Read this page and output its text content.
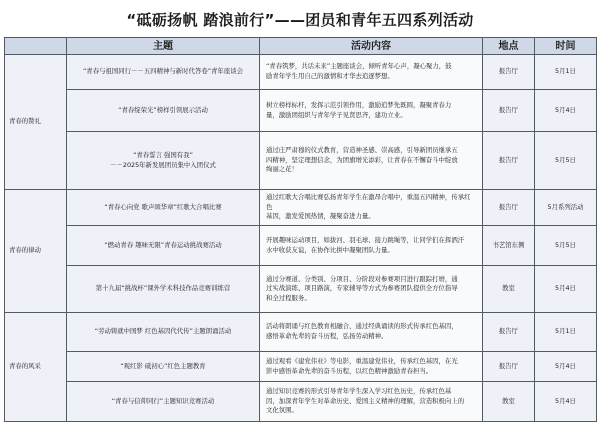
“砥砺扬帆 踏浪前行”——团员和青年五四系列活动
	主题	活动内容	地点	时间
青春的赞礼	“青春与祖国同行－－五四精神与新时代答卷”青年座谈会	“青春筑梦，共话未来”主题座谈会，倾听青年心声，凝心聚力，鼓
励青年学生用自己的激情和才华去追逐梦想。	报告厅	5月1日

	“青春绽荣光”榜样引领展示活动	树立榜样标杆，发挥示范引领作用，激励追梦先既圆，凝聚青春力
量，激励团组织与青年学子见贤思齐，建功立业。	报告厅	5月4日

	“青春誓言 强国有我”
－－2025年新发展团员集中入团仪式	通过庄严肃穆的仪式教育，营造神圣感、崇高感，引导新团员继承五
四精神，坚定理想信念，为团旗增光添彩，让青春在不懈奋斗中绽放
绚丽之花！	报告厅	5月5日
青春的律动	“青春心向党 歌声颂华章”红歌大合唱比赛	通过红歌大合唱比赛弘扬青年学生在激昂合唱中，重温五四精神，传承红色
基因，激发爱国热情，凝聚奋进力量。	报告厅	5月系列活动

	“燃动青春 趣味无限”青春运动挑战赛活动	开展趣味运动项目，如拔河、羽毛球、接力跳绳等，让同学们在挥洒汗
水中收获友谊，在协作比拼中凝聚团队力量。	书艺馆东侧	5月5日

	第十九届“挑战杯”课外学术科技作品竞赛训练营	通过分赛道、分类别、分项目、分阶段对参赛项目进行跟踪打磨，通
过实战演练、项目路演，专家辅导等方式为参赛团队提供全方位指导
和全过程服务。	教室	5月4日
青春的风采	“劳动铸就中国梦 红色基因代代传”主题朗诵活动	活动将朗诵与红色教育相融合，通过经典诵读的形式传承红色基因，
感悟革命先辈的奋斗历程，弘扬劳动精神。	报告厅	5月1日

	“观红影 砥初心”红色主题教育	通过观看《建党伟业》等电影，重温建党伟业，传承红色基因，在光
影中感悟革命先辈的奋斗历程，以红色精神激励青春担当。	报告厅	5月4日

	“青春与信仰同行”主题知识竞赛活动	通过知识竞赛的形式引导青年学生深入学习红色历史，传承红色基
因，加深青年学生对革命历史、爱国主义精神的理解，营造积极向上的
文化氛围。	教室	5月4日
